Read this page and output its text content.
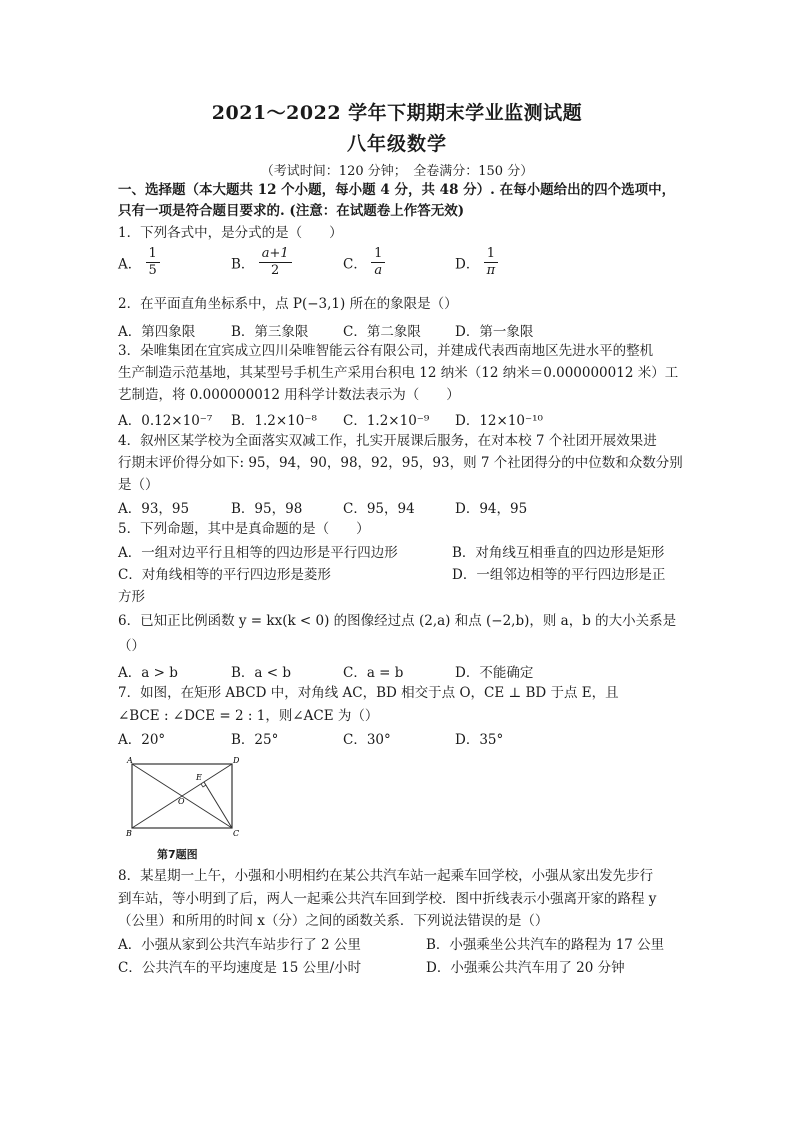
2021～2022 学年下期期末学业监测试题
八年级数学
（考试时间：120 分钟；　全卷满分：150 分）
一、选择题（本大题共 12 个小题，每小题 4 分，共 48 分）. 在每小题给出的四个选项中，
只有一项是符合题目要求的. (注意：在试题卷上作答无效)
1．下列各式中，是分式的是（　　）
A． $\frac{1}{5}$	B． $\frac{a+1}{2}$	C． $\frac{1}{a}$	D． $\frac{1}{\pi}$
2．在平面直角坐标系中，点 P(−3,1) 所在的象限是（）
A．第四象限	B．第三象限	C．第二象限	D．第一象限
3．朵唯集团在宜宾成立四川朵唯智能云谷有限公司，并建成代表西南地区先进水平的整机
生产制造示范基地，其某型号手机生产采用台积电 12 纳米（12 纳米＝0.000000012 米）工
艺制造，将 0.000000012 用科学计数法表示为（　　）
A．0.12×10⁻⁷ B．1.2×10⁻⁸ C．1.2×10⁻⁹ D．12×10⁻¹⁰
4．叙州区某学校为全面落实双减工作，扎实开展课后服务，在对本校 7 个社团开展效果进
行期末评价得分如下: 95，94，90，98，92，95，93，则 7 个社团得分的中位数和众数分别
是（）
A．93，95	B．95，98	C．95，94	D．94，95
5．下列命题，其中是真命题的是（　　）
A．一组对边平行且相等的四边形是平行四边形	B．对角线互相垂直的四边形是矩形
C．对角线相等的平行四边形是菱形	D．一组邻边相等的平行四边形是正
方形
6．已知正比例函数 y = kx(k < 0) 的图像经过点 (2,a) 和点 (−2,b)，则 a，b 的大小关系是
（）
A．a > b	B．a < b	C．a = b	D．不能确定
7．如图，在矩形 ABCD 中，对角线 AC，BD 相交于点 O，CE ⊥ BD 于点 E，且
∠BCE : ∠DCE = 2 : 1，则∠ACE 为（）
A．20°	B．25°	C．30°	D．35°
A
B	C
D
E
O
第7题图
8．某星期一上午，小强和小明相约在某公共汽车站一起乘车回学校，小强从家出发先步行
到车站，等小明到了后，两人一起乘公共汽车回到学校．图中折线表示小强离开家的路程 y
（公里）和所用的时间 x（分）之间的函数关系．下列说法错误的是（）
A．小强从家到公共汽车站步行了 2 公里	B．小强乘坐公共汽车的路程为 17 公里
C．公共汽车的平均速度是 15 公里/小时	D．小强乘公共汽车用了 20 分钟
